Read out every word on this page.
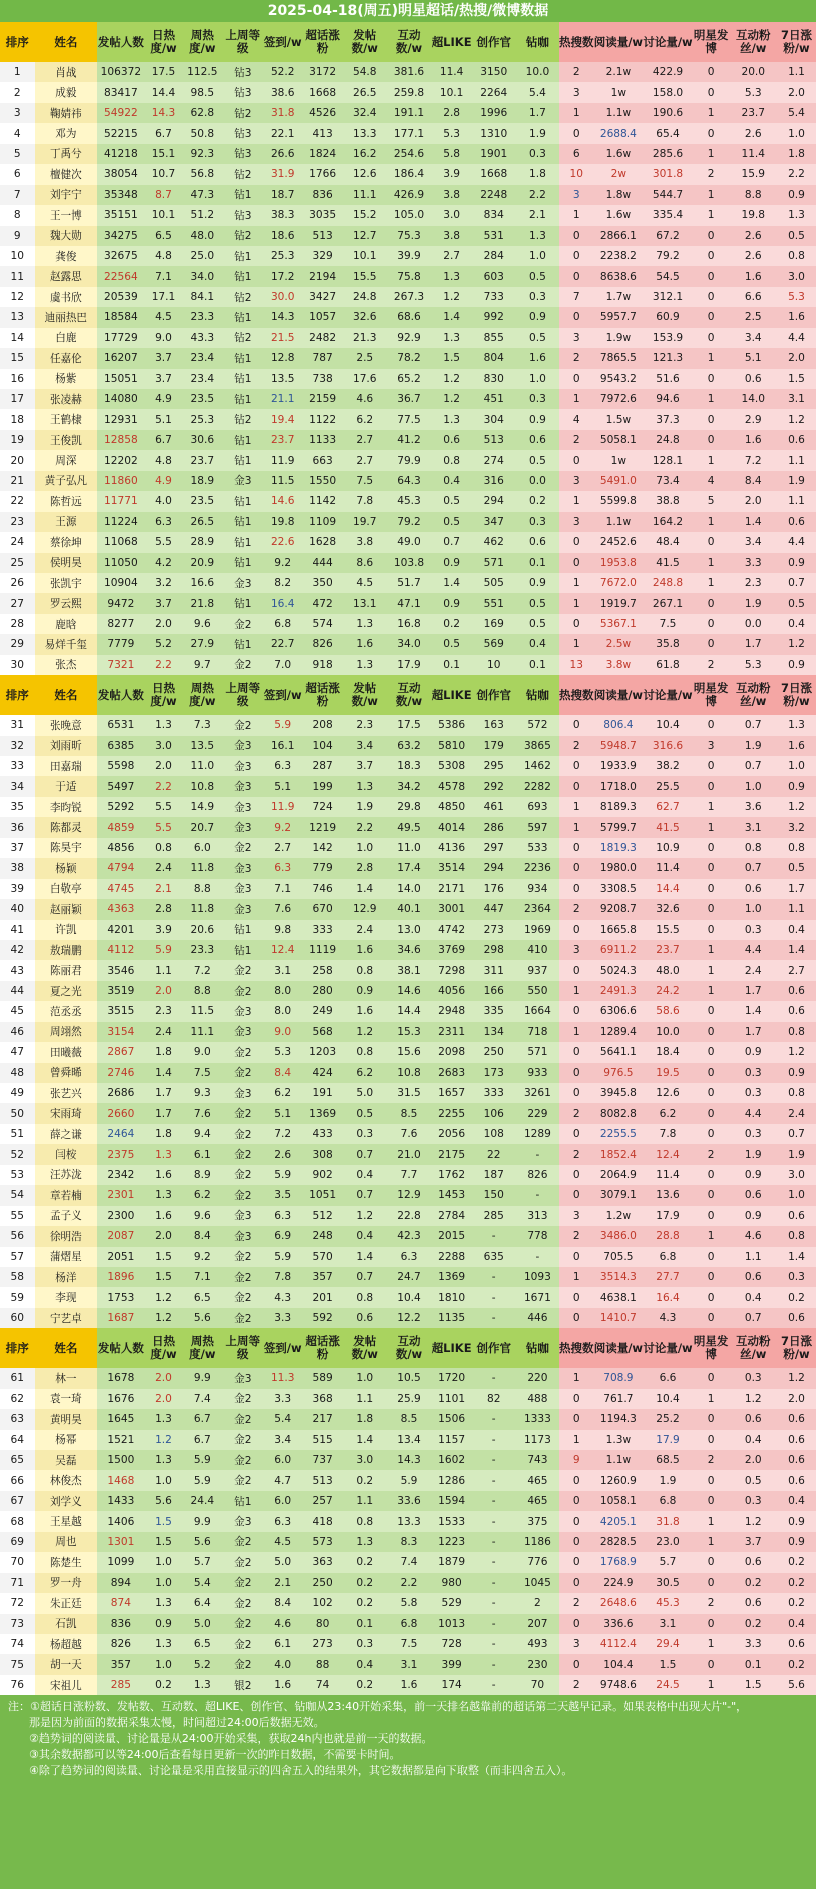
2025-04-18(周五)明星超话/热搜/微博数据
排序	姓名	发帖人数	日热度/w	周热度/w	上周等级	签到/w	超话涨粉	发帖数/w	互动数/w	超LIKE	创作官	钻咖	热搜数	阅读量/w	讨论量/w	明星发博	互动粉丝/w	7日涨粉/w
1	肖战	106372	17.5	112.5	钻3	52.2	3172	54.8	381.6	11.4	3150	10.0	2	2.1w	422.9	0	20.0	1.1
2	成毅	83417	14.4	98.5	钻3	38.6	1668	26.5	259.8	10.1	2264	5.4	3	1w	158.0	0	5.3	2.0
3	鞠婧祎	54922	14.3	62.8	钻2	31.8	4526	32.4	191.1	2.8	1996	1.7	1	1.1w	190.6	1	23.7	5.4
4	邓为	52215	6.7	50.8	钻3	22.1	413	13.3	177.1	5.3	1310	1.9	0	2688.4	65.4	0	2.6	1.0
5	丁禹兮	41218	15.1	92.3	钻3	26.6	1824	16.2	254.6	5.8	1901	0.3	6	1.6w	285.6	1	11.4	1.8
6	檀健次	38054	10.7	56.8	钻2	31.9	1766	12.6	186.4	3.9	1668	1.8	10	2w	301.8	2	15.9	2.2
7	刘宇宁	35348	8.7	47.3	钻1	18.7	836	11.1	426.9	3.8	2248	2.2	3	1.8w	544.7	1	8.8	0.9
8	王一博	35151	10.1	51.2	钻3	38.3	3035	15.2	105.0	3.0	834	2.1	1	1.6w	335.4	1	19.8	1.3
9	魏大勋	34275	6.5	48.0	钻2	18.6	513	12.7	75.3	3.8	531	1.3	0	2866.1	67.2	0	2.6	0.5
10	龚俊	32675	4.8	25.0	钻1	25.3	329	10.1	39.9	2.7	284	1.0	0	2238.2	79.2	0	2.6	0.8
11	赵露思	22564	7.1	34.0	钻1	17.2	2194	15.5	75.8	1.3	603	0.5	0	8638.6	54.5	0	1.6	3.0
12	虞书欣	20539	17.1	84.1	钻2	30.0	3427	24.8	267.3	1.2	733	0.3	7	1.7w	312.1	0	6.6	5.3
13	迪丽热巴	18584	4.5	23.3	钻1	14.3	1057	32.6	68.6	1.4	992	0.9	0	5957.7	60.9	0	2.5	1.6
14	白鹿	17729	9.0	43.3	钻2	21.5	2482	21.3	92.9	1.3	855	0.5	3	1.9w	153.9	0	3.4	4.4
15	任嘉伦	16207	3.7	23.4	钻1	12.8	787	2.5	78.2	1.5	804	1.6	2	7865.5	121.3	1	5.1	2.0
16	杨紫	15051	3.7	23.4	钻1	13.5	738	17.6	65.2	1.2	830	1.0	0	9543.2	51.6	0	0.6	1.5
17	张凌赫	14080	4.9	23.5	钻1	21.1	2159	4.6	36.7	1.2	451	0.3	1	7972.6	94.6	1	14.0	3.1
18	王鹤棣	12931	5.1	25.3	钻2	19.4	1122	6.2	77.5	1.3	304	0.9	4	1.5w	37.3	0	2.9	1.2
19	王俊凯	12858	6.7	30.6	钻1	23.7	1133	2.7	41.2	0.6	513	0.6	2	5058.1	24.8	0	1.6	0.6
20	周深	12202	4.8	23.7	钻1	11.9	663	2.7	79.9	0.8	274	0.5	0	1w	128.1	1	7.2	1.1
21	黄子弘凡	11860	4.9	18.9	金3	11.5	1550	7.5	64.3	0.4	316	0.0	3	5491.0	73.4	4	8.4	1.9
22	陈哲远	11771	4.0	23.5	钻1	14.6	1142	7.8	45.3	0.5	294	0.2	1	5599.8	38.8	5	2.0	1.1
23	王源	11224	6.3	26.5	钻1	19.8	1109	19.7	79.2	0.5	347	0.3	3	1.1w	164.2	1	1.4	0.6
24	蔡徐坤	11068	5.5	28.9	钻1	22.6	1628	3.8	49.0	0.7	462	0.6	0	2452.6	48.4	0	3.4	4.4
25	侯明昊	11050	4.2	20.9	钻1	9.2	444	8.6	103.8	0.9	571	0.1	0	1953.8	41.5	1	3.3	0.9
26	张凯宇	10904	3.2	16.6	金3	8.2	350	4.5	51.7	1.4	505	0.9	1	7672.0	248.8	1	2.3	0.7
27	罗云熙	9472	3.7	21.8	钻1	16.4	472	13.1	47.1	0.9	551	0.5	1	1919.7	267.1	0	1.9	0.5
28	鹿晗	8277	2.0	9.6	金2	6.8	574	1.3	16.8	0.2	169	0.5	0	5367.1	7.5	0	0.0	0.4
29	易烊千玺	7779	5.2	27.9	钻1	22.7	826	1.6	34.0	0.5	569	0.4	1	2.5w	35.8	0	1.7	1.2
30	张杰	7321	2.2	9.7	金2	7.0	918	1.3	17.9	0.1	10	0.1	13	3.8w	61.8	2	5.3	0.9
排序	姓名	发帖人数	日热度/w	周热度/w	上周等级	签到/w	超话涨粉	发帖数/w	互动数/w	超LIKE	创作官	钻咖	热搜数	阅读量/w	讨论量/w	明星发博	互动粉丝/w	7日涨粉/w
31	张晚意	6531	1.3	7.3	金2	5.9	208	2.3	17.5	5386	163	572	0	806.4	10.4	0	0.7	1.3
32	刘雨昕	6385	3.0	13.5	金3	16.1	104	3.4	63.2	5810	179	3865	2	5948.7	316.6	3	1.9	1.6
33	田嘉瑞	5598	2.0	11.0	金3	6.3	287	3.7	18.3	5308	295	1462	0	1933.9	38.2	0	0.7	1.0
34	于适	5497	2.2	10.8	金3	5.1	199	1.3	34.2	4578	292	2282	0	1718.0	25.5	0	1.0	0.9
35	李昀锐	5292	5.5	14.9	金3	11.9	724	1.9	29.8	4850	461	693	1	8189.3	62.7	1	3.6	1.2
36	陈都灵	4859	5.5	20.7	金3	9.2	1219	2.2	49.5	4014	286	597	1	5799.7	41.5	1	3.1	3.2
37	陈昊宇	4856	0.8	6.0	金2	2.7	142	1.0	11.0	4136	297	533	0	1819.3	10.9	0	0.8	0.8
38	杨颖	4794	2.4	11.8	金3	6.3	779	2.8	17.4	3514	294	2236	0	1980.0	11.4	0	0.7	0.5
39	白敬亭	4745	2.1	8.8	金3	7.1	746	1.4	14.0	2171	176	934	0	3308.5	14.4	0	0.6	1.7
40	赵丽颖	4363	2.8	11.8	金3	7.6	670	12.9	40.1	3001	447	2364	2	9208.7	32.6	0	1.0	1.1
41	许凯	4201	3.9	20.6	钻1	9.8	333	2.4	13.0	4742	273	1969	0	1665.8	15.5	0	0.3	0.4
42	敖瑞鹏	4112	5.9	23.3	钻1	12.4	1119	1.6	34.6	3769	298	410	3	6911.2	23.7	1	4.4	1.4
43	陈丽君	3546	1.1	7.2	金2	3.1	258	0.8	38.1	7298	311	937	0	5024.3	48.0	1	2.4	2.7
44	夏之光	3519	2.0	8.8	金2	8.0	280	0.9	14.6	4056	166	550	1	2491.3	24.2	1	1.7	0.6
45	范丞丞	3515	2.3	11.5	金3	8.0	249	1.6	14.4	2948	335	1664	0	6306.6	58.6	0	1.4	0.6
46	周翊然	3154	2.4	11.1	金3	9.0	568	1.2	15.3	2311	134	718	1	1289.4	10.0	0	1.7	0.8
47	田曦薇	2867	1.8	9.0	金2	5.3	1203	0.8	15.6	2098	250	571	0	5641.1	18.4	0	0.9	1.2
48	曾舜晞	2746	1.4	7.5	金2	8.4	424	6.2	10.8	2683	173	933	0	976.5	19.5	0	0.3	0.9
49	张艺兴	2686	1.7	9.3	金3	6.2	191	5.0	31.5	1657	333	3261	0	3945.8	12.6	0	0.3	0.8
50	宋雨琦	2660	1.7	7.6	金2	5.1	1369	0.5	8.5	2255	106	229	2	8082.8	6.2	0	4.4	2.4
51	薛之谦	2464	1.8	9.4	金2	7.2	433	0.3	7.6	2056	108	1289	0	2255.5	7.8	0	0.3	0.7
52	闫桉	2375	1.3	6.1	金2	2.6	308	0.7	21.0	2175	22	-	2	1852.4	12.4	2	1.9	1.9
53	汪苏泷	2342	1.6	8.9	金2	5.9	902	0.4	7.7	1762	187	826	0	2064.9	11.4	0	0.9	3.0
54	章若楠	2301	1.3	6.2	金2	3.5	1051	0.7	12.9	1453	150	-	0	3079.1	13.6	0	0.6	1.0
55	孟子义	2300	1.6	9.6	金3	6.3	512	1.2	22.8	2784	285	313	3	1.2w	17.9	0	0.9	0.6
56	徐明浩	2087	2.0	8.4	金3	6.9	248	0.4	42.3	2015	-	778	2	3486.0	28.8	1	4.6	0.8
57	蒲熠星	2051	1.5	9.2	金2	5.9	570	1.4	6.3	2288	635	-	0	705.5	6.8	0	1.1	1.4
58	杨洋	1896	1.5	7.1	金2	7.8	357	0.7	24.7	1369	-	1093	1	3514.3	27.7	0	0.6	0.3
59	李现	1753	1.2	6.5	金2	4.3	201	0.8	10.4	1810	-	1671	0	4638.1	16.4	0	0.4	0.2
60	宁艺卓	1687	1.2	5.6	金2	3.3	592	0.6	12.2	1135	-	446	0	1410.7	4.3	0	0.7	0.6
排序	姓名	发帖人数	日热度/w	周热度/w	上周等级	签到/w	超话涨粉	发帖数/w	互动数/w	超LIKE	创作官	钻咖	热搜数	阅读量/w	讨论量/w	明星发博	互动粉丝/w	7日涨粉/w
61	林一	1678	2.0	9.9	金3	11.3	589	1.0	10.5	1720	-	220	1	708.9	6.6	0	0.3	1.2
62	袁一琦	1676	2.0	7.4	金2	3.3	368	1.1	25.9	1101	82	488	0	761.7	10.4	1	1.2	2.0
63	黄明昊	1645	1.3	6.7	金2	5.4	217	1.8	8.5	1506	-	1333	0	1194.3	25.2	0	0.6	0.6
64	杨幂	1521	1.2	6.7	金2	3.4	515	1.4	13.4	1157	-	1173	1	1.3w	17.9	0	0.4	0.6
65	吴磊	1500	1.3	5.9	金2	6.0	737	3.0	14.3	1602	-	743	9	1.1w	68.5	2	2.0	0.6
66	林俊杰	1468	1.0	5.9	金2	4.7	513	0.2	5.9	1286	-	465	0	1260.9	1.9	0	0.5	0.6
67	刘学义	1433	5.6	24.4	钻1	6.0	257	1.1	33.6	1594	-	465	0	1058.1	6.8	0	0.3	0.4
68	王星越	1406	1.5	9.9	金3	6.3	418	0.8	13.3	1533	-	375	0	4205.1	31.8	1	1.2	0.9
69	周也	1301	1.5	5.6	金2	4.5	573	1.3	8.3	1223	-	1186	0	2828.5	23.0	1	3.7	0.9
70	陈楚生	1099	1.0	5.7	金2	5.0	363	0.2	7.4	1879	-	776	0	1768.9	5.7	0	0.6	0.2
71	罗一舟	894	1.0	5.4	金2	2.1	250	0.2	2.2	980	-	1045	0	224.9	30.5	0	0.2	0.2
72	朱正廷	874	1.3	6.4	金2	8.4	102	0.2	5.8	529	-	2	2	2648.6	45.3	2	0.6	0.2
73	石凯	836	0.9	5.0	金2	4.6	80	0.1	6.8	1013	-	207	0	336.6	3.1	0	0.2	0.4
74	杨超越	826	1.3	6.5	金2	6.1	273	0.3	7.5	728	-	493	3	4112.4	29.4	1	3.3	0.6
75	胡一天	357	1.0	5.2	金2	4.0	88	0.4	3.1	399	-	230	0	104.4	1.5	0	0.1	0.2
76	宋祖儿	285	0.2	1.3	银2	1.6	74	0.2	1.6	174	-	70	2	9748.6	24.5	1	1.5	5.6
注：①超话日涨粉数、发帖数、互动数、超LIKE、创作官、钻咖从23:40开始采集，前一天排名越靠前的超话第二天越早记录。如果表格中出现大片"-"，
那是因为前面的数据采集太慢，时间超过24:00后数据无效。
②趋势词的阅读量、讨论量是从24:00开始采集，获取24h内也就是前一天的数据。
③其余数据都可以等24:00后查看每日更新一次的昨日数据，不需要卡时间。
④除了趋势词的阅读量、讨论量是采用直接显示的四舍五入的结果外，其它数据都是向下取整（而非四舍五入）。
